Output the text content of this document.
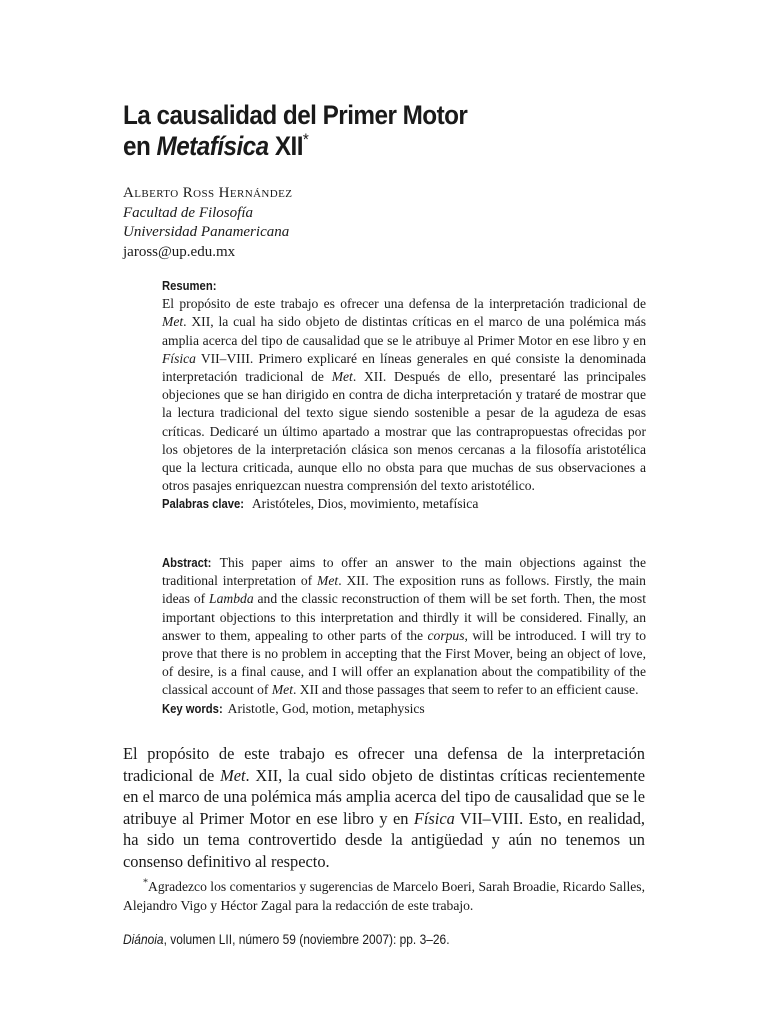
La causalidad del Primer Motor
en Metafísica XII*
Alberto Ross Hernández
Facultad de Filosofía
Universidad Panamericana
jaross@up.edu.mx
Resumen:

El propósito de este trabajo es ofrecer una defensa de la interpretación tradicional de Met. XII, la cual ha sido objeto de distintas críticas en el marco de una polémica más amplia acerca del tipo de causalidad que se le atribuye al Primer Motor en ese libro y en Física VII–VIII. Primero explicaré en líneas generales en qué consiste la denominada interpretación tradicional de Met. XII. Después de ello, presentaré las principales objeciones que se han dirigido en contra de dicha interpretación y trataré de mostrar que la lectura tradicional del texto sigue siendo sostenible a pesar de la agudeza de esas críticas. Dedicaré un último apartado a mostrar que las contrapropuestas ofrecidas por los objetores de la interpretación clásica son menos cercanas a la filosofía aristotélica que la lectura criticada, aunque ello no obsta para que muchas de sus observaciones a otros pasajes enriquezcan nuestra comprensión del texto aristotélico.

Palabras clave: Aristóteles, Dios, movimiento, metafísica

Abstract: This paper aims to offer an answer to the main objections against the traditional interpretation of Met. XII. The exposition runs as follows. Firstly, the main ideas of Lambda and the classic reconstruction of them will be set forth. Then, the most important objections to this interpretation and thirdly it will be considered. Finally, an answer to them, appealing to other parts of the corpus, will be introduced. I will try to prove that there is no problem in accepting that the First Mover, being an object of love, of desire, is a final cause, and I will offer an explanation about the compatibility of the classical account of Met. XII and those passages that seem to refer to an efficient cause.

Key words: Aristotle, God, motion, metaphysics

El propósito de este trabajo es ofrecer una defensa de la interpretación tradicional de Met. XII, la cual sido objeto de distintas críticas recientemente en el marco de una polémica más amplia acerca del tipo de causalidad que se le atribuye al Primer Motor en ese libro y en Física VII–VIII. Esto, en realidad, ha sido un tema controvertido desde la antigüedad y aún no tenemos un consenso definitivo al respecto.

*Agradezco los comentarios y sugerencias de Marcelo Boeri, Sarah Broadie, Ricardo Salles, Alejandro Vigo y Héctor Zagal para la redacción de este trabajo.
Diánoia, volumen LII, número 59 (noviembre 2007): pp. 3–26.
